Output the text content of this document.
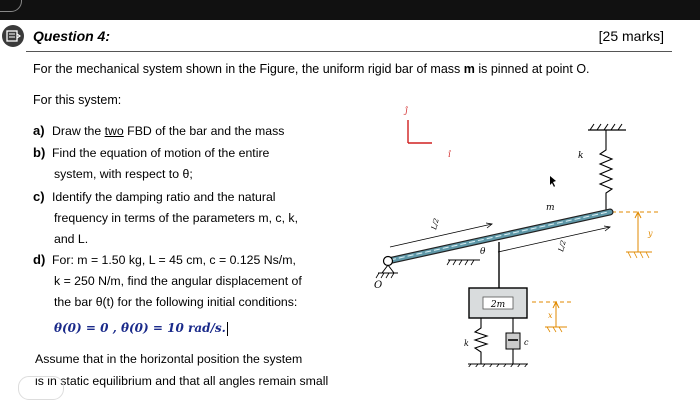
Question 4:	[25 marks]
For the mechanical system shown in the Figure, the uniform rigid bar of mass m is pinned at point O.
For this system:
a) Draw the two FBD of the bar and the mass
b) Find the equation of motion of the entire
system, with respect to θ;
c) Identify the damping ratio and the natural
frequency in terms of the parameters m, c, k,
and L.
d) For: m = 1.50 kg, L = 45 cm, c = 0.125 Ns/m,
k = 250 N/m, find the angular displacement of
the bar θ(t) for the following initial conditions:
θ(0) = 0 , θ̇(0) = 10 rad/s.
Assume that in the horizontal position the system
is in static equilibrium and that all angles remain small
ĵ
î	k
y
O
L/2
L/2
θ
m
2m
k	c
x
